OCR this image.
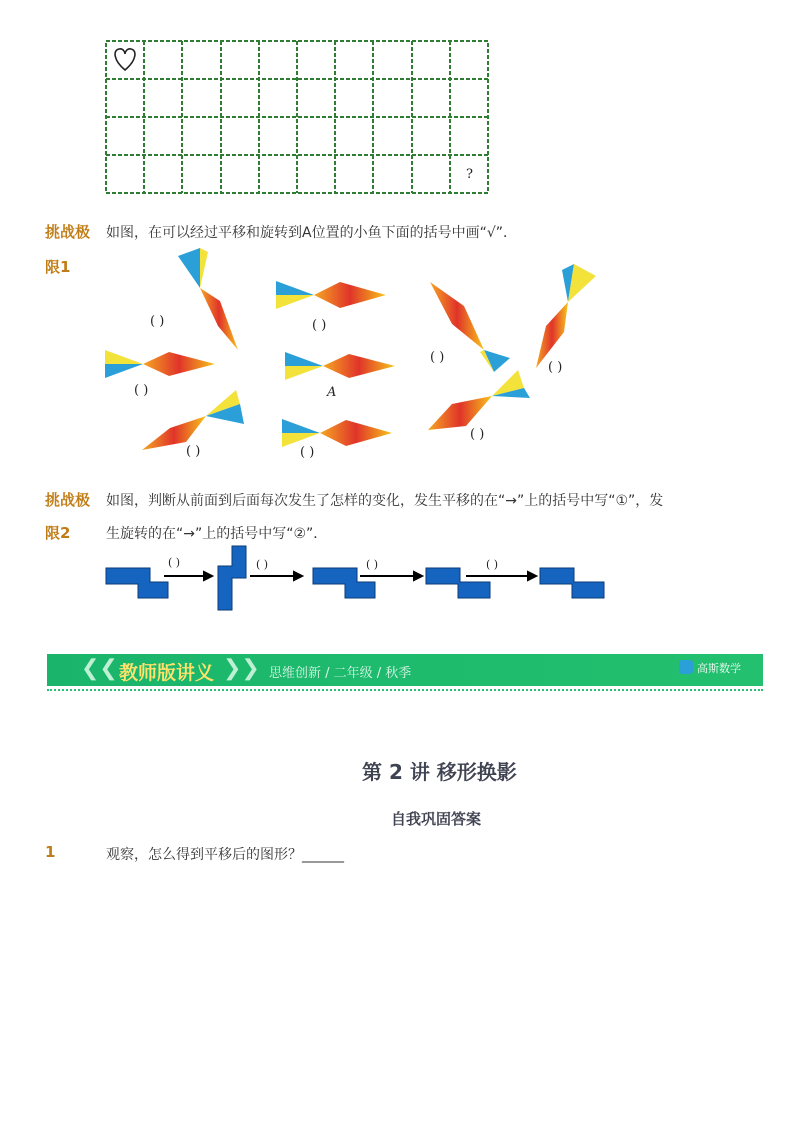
?
挑战极
限1
如图，在可以经过平移和旋转到A位置的小鱼下面的括号中画“√”．
( )	( )
( )
( )
( )	A
( )	( )
( )
挑战极
限2
如图，判断从前面到后面每次发生了怎样的变化，发生平移的在“→”上的括号中写“①”，发
生旋转的在“→”上的括号中写“②”．
( )	( )	( )	( )
❮❮ 教师版讲义 ❯❯ 思维创新 / 二年级 / 秋季	高斯数学
第 2 讲 移形换影
自我巩固答案
1	观察，怎么得到平移后的图形？______
